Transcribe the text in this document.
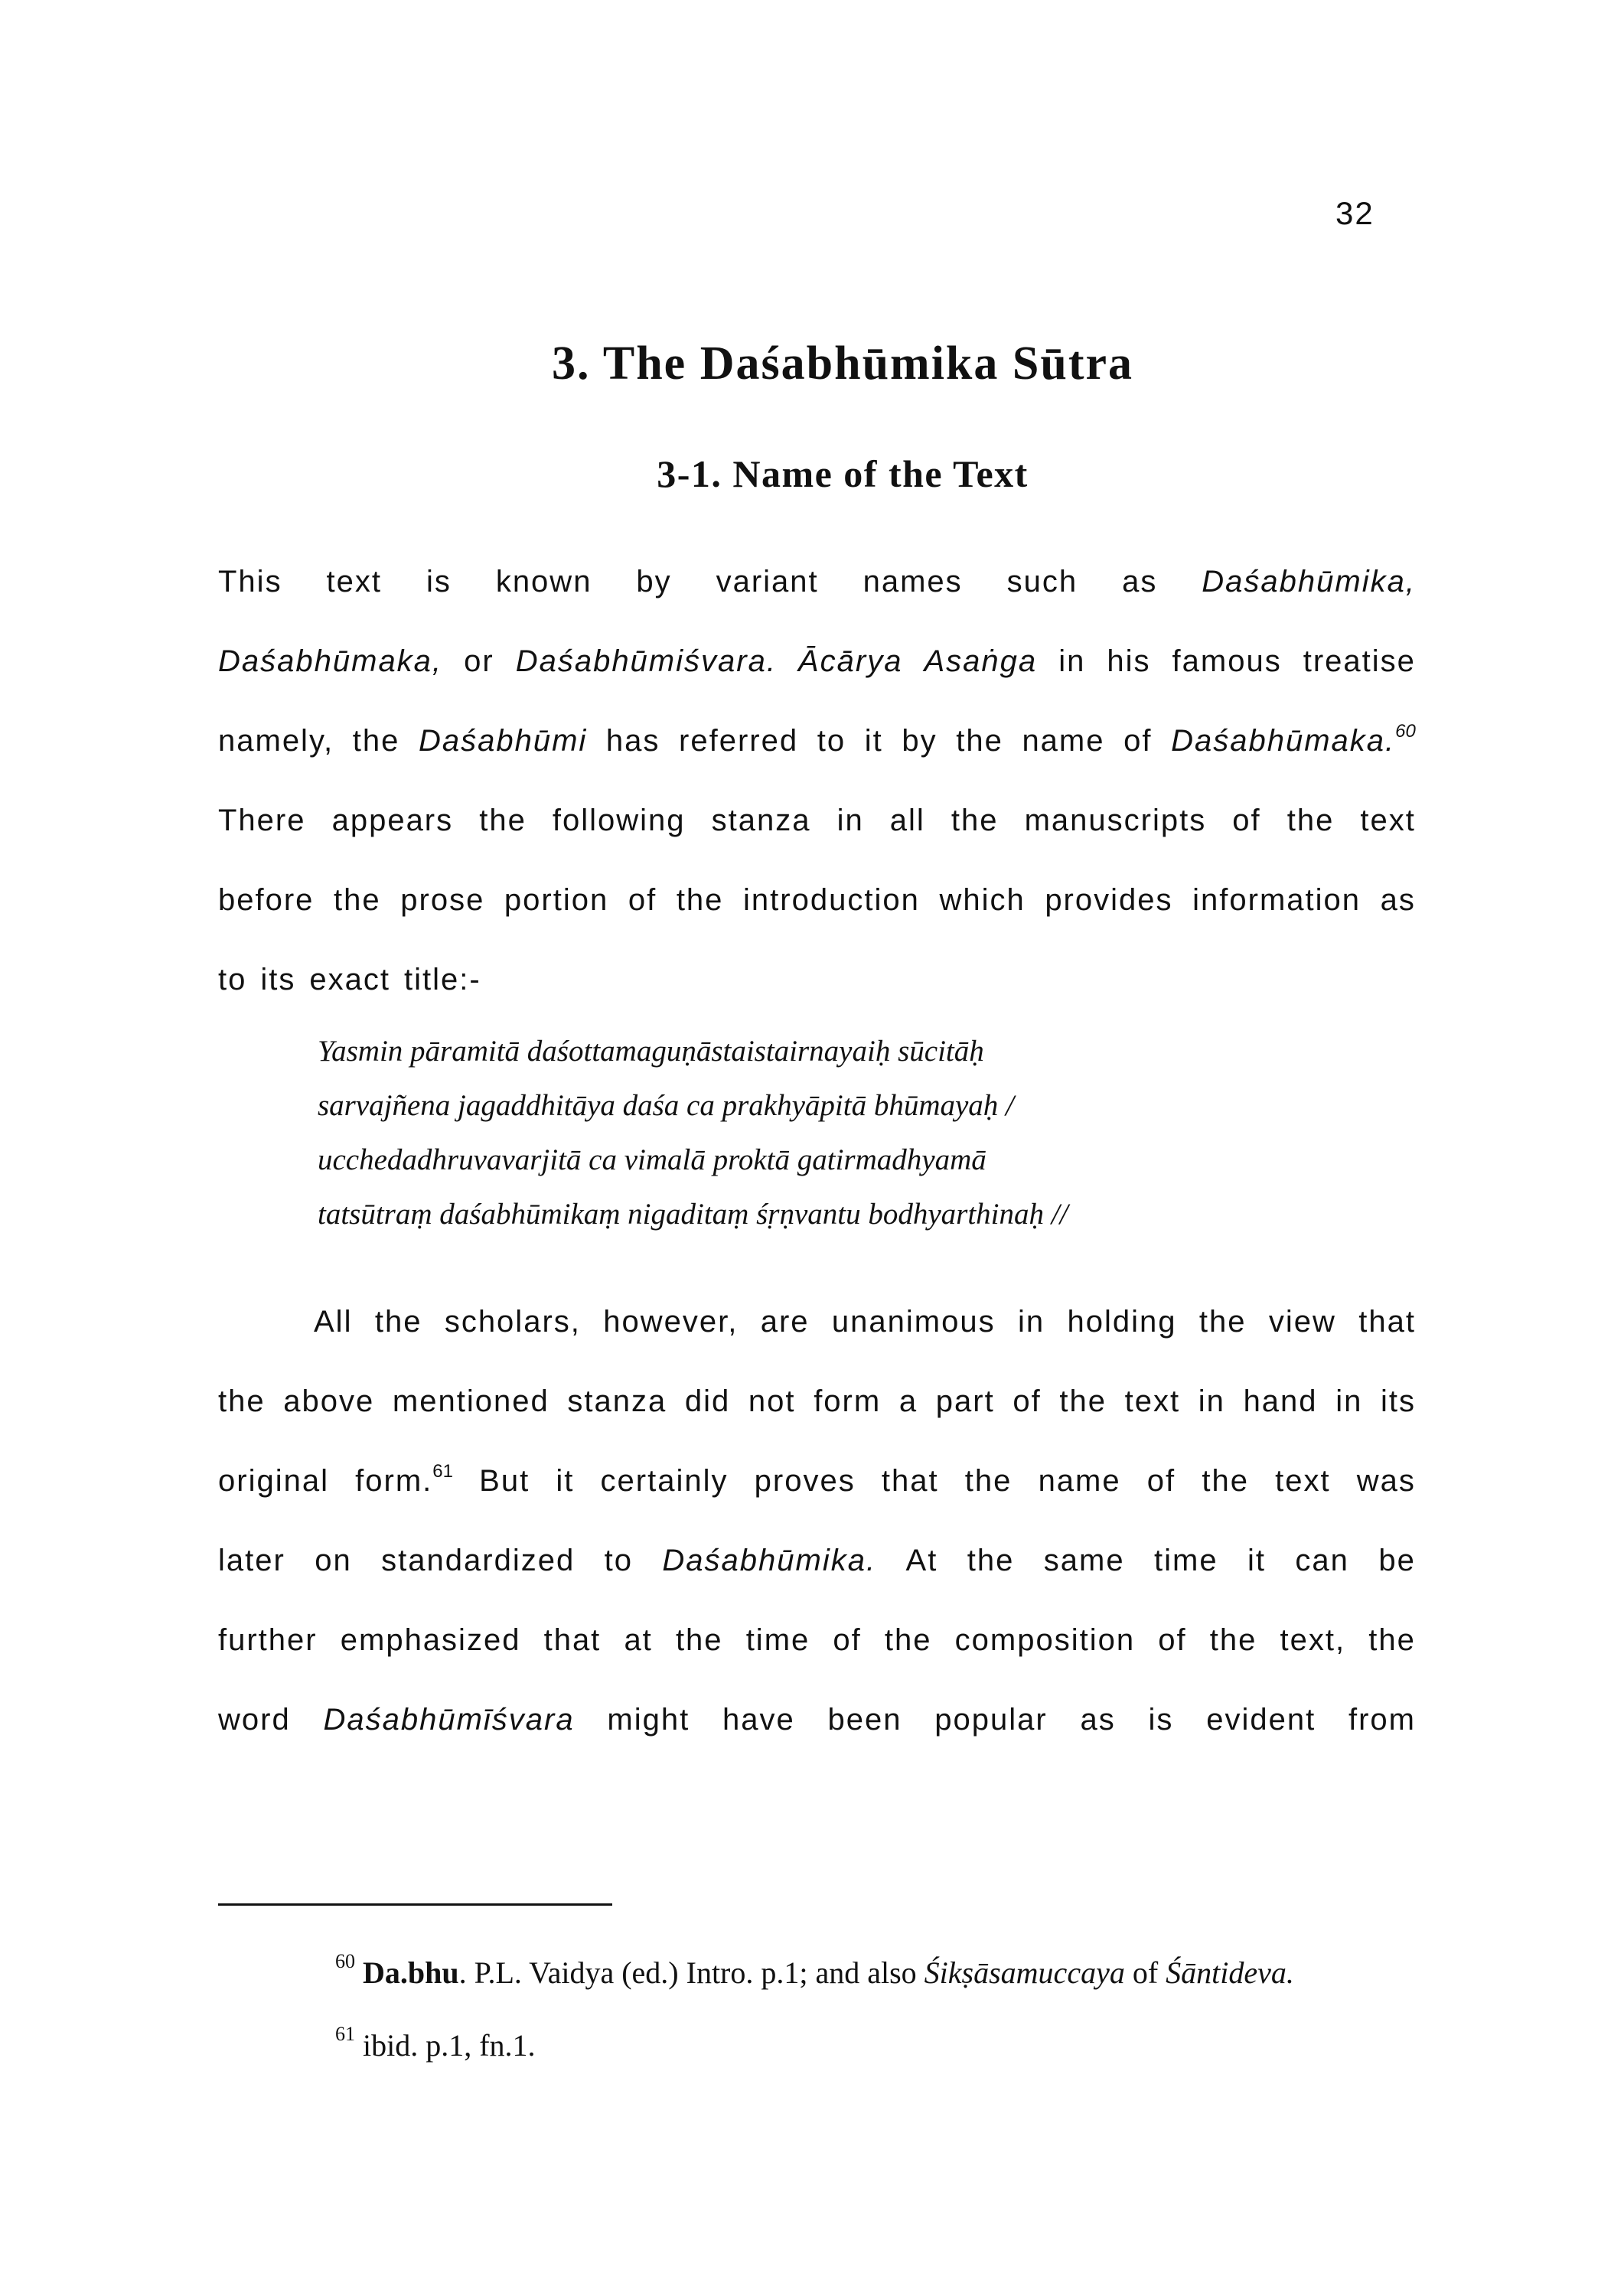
32
3. The Daśabhūmika Sūtra
3-1. Name of the Text
This text is known by variant names such as Daśabhūmika,
Daśabhūmaka, or Daśabhūmiśvara. Ācārya Asaṅga in his famous treatise
namely, the Daśabhūmi has referred to it by the name of Daśabhūmaka.$^{60}$
There appears the following stanza in all the manuscripts of the text
before the prose portion of the introduction which provides information as
to its exact title:-
Yasmin pāramitā daśottamaguṇāstaistairnayaiḥ sūcitāḥ
sarvajñena jagaddhitāya daśa ca prakhyāpitā bhūmayaḥ /
ucchedadhruvavarjitā ca vimalā proktā gatirmadhyamā
tatsūtraṃ daśabhūmikaṃ nigaditaṃ śṛṇvantu bodhyarthinaḥ //
All the scholars, however, are unanimous in holding the view that
the above mentioned stanza did not form a part of the text in hand in its
original form.$^{61}$ But it certainly proves that the name of the text was
later on standardized to Daśabhūmika. At the same time it can be
further emphasized that at the time of the composition of the text, the
word Daśabhūmīśvara might have been popular as is evident from
$^{60}$ Da.bhu. P.L. Vaidya (ed.) Intro. p.1; and also Śikṣāsamuccaya of Śāntideva.
$^{61}$ ibid. p.1, fn.1.
